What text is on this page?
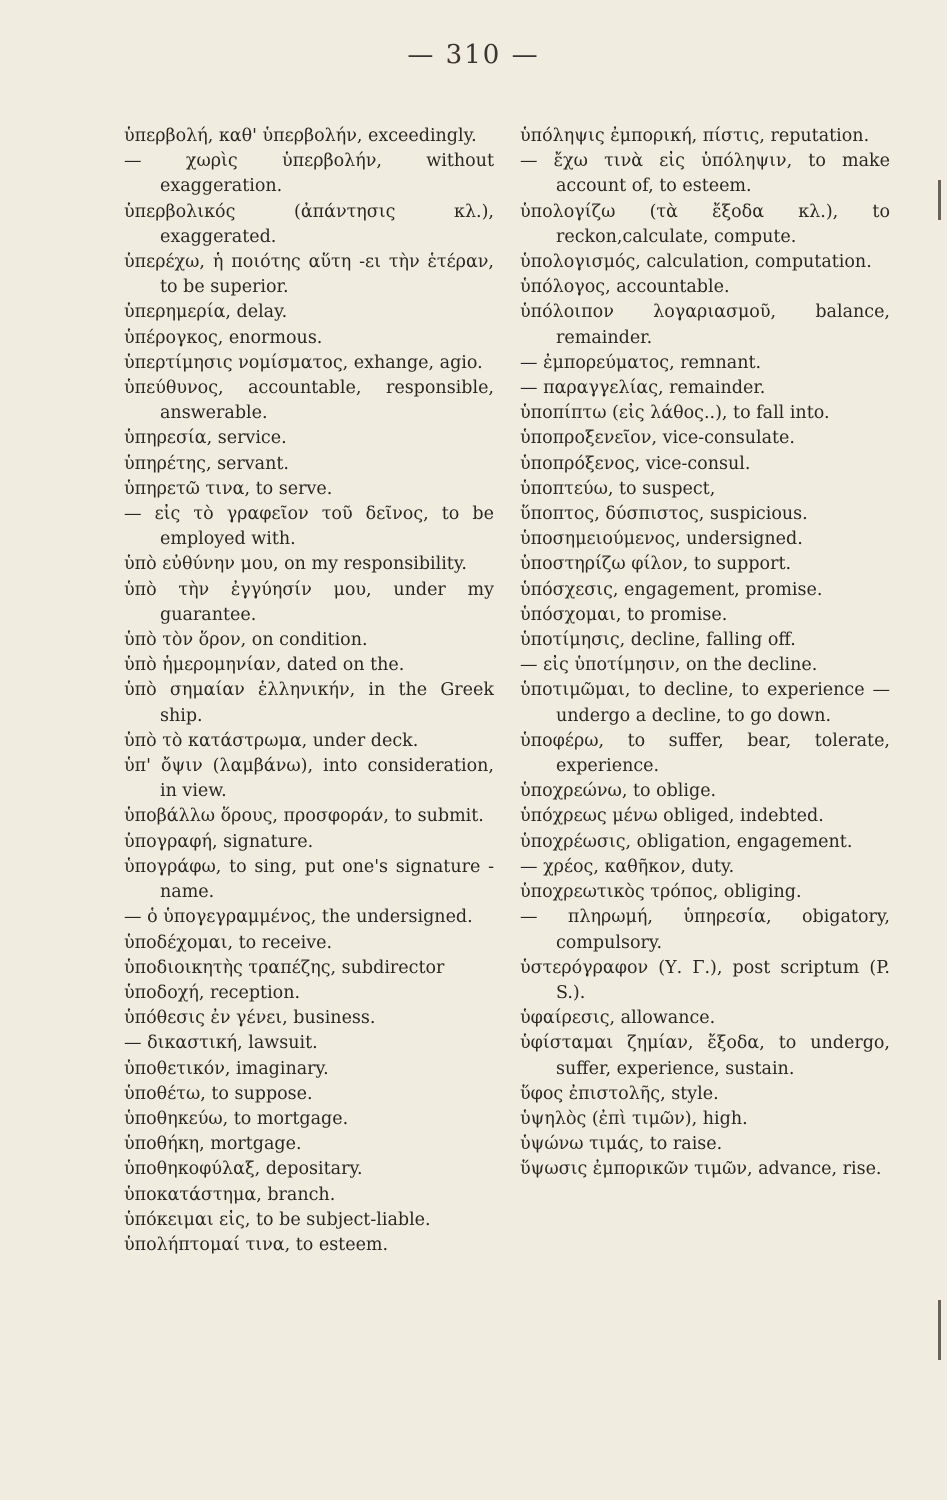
— 310 —
ὑπερβολή, καθ' ὑπερβολήν, exceedingly.
— χωρὶς ὑπερβολήν, without exaggeration.
ὑπερβολικός (ἀπάντησις κλ.), exaggerated.
ὑπερέχω, ἡ ποιότης αὕτη -ει τὴν ἑτέραν, to be superior.
ὑπερημερία, delay.
ὑπέρογκος, enormous.
ὑπερτίμησις νομίσματος, exhange, agio.
ὑπεύθυνος, accountable, responsible, answerable.
ὑπηρεσία, service.
ὑπηρέτης, servant.
ὑπηρετῶ τινα, to serve.
— εἰς τὸ γραφεῖον τοῦ δεῖνος, to be employed with.
ὑπὸ εὐθύνην μου, on my responsibility.
ὑπὸ τὴν ἐγγύησίν μου, under my guarantee.
ὑπὸ τὸν ὅρον, on condition.
ὑπὸ ἡμερομηνίαν, dated on the.
ὑπὸ σημαίαν ἑλληνικήν, in the Greek ship.
ὑπὸ τὸ κατάστρωμα, under deck.
ὑπ' ὄψιν (λαμβάνω), into consideration, in view.
ὑποβάλλω ὅρους, προσφοράν, to submit.
ὑπογραφή, signature.
ὑπογράφω, to sing, put one's signature -name.
— ὁ ὑπογεγραμμένος, the undersigned.
ὑποδέχομαι, to receive.
ὑποδιοικητὴς τραπέζης, subdirector
ὑποδοχή, reception.
ὑπόθεσις ἐν γένει, business.
— δικαστική, lawsuit.
ὑποθετικόν, imaginary.
ὑποθέτω, to suppose.
ὑποθηκεύω, to mortgage.
ὑποθήκη, mortgage.
ὑποθηκοφύλαξ, depositary.
ὑποκατάστημα, branch.
ὑπόκειμαι εἰς, to be subject-liable.
ὑπολήπτομαί τινα, to esteem.
ὑπόληψις ἐμπορική, πίστις, reputation.
— ἔχω τινὰ εἰς ὑπόληψιν, to make account of, to esteem.
ὑπολογίζω (τὰ ἔξοδα κλ.), to reckon,calculate, compute.
ὑπολογισμός, calculation, computation.
ὑπόλογος, accountable.
ὑπόλοιπον λογαριασμοῦ, balance, remainder.
— ἐμπορεύματος, remnant.
— παραγγελίας, remainder.
ὑποπίπτω (εἰς λάθος..), to fall into.
ὑποπροξενεῖον, vice-consulate.
ὑποπρόξενος, vice-consul.
ὑποπτεύω, to suspect,
ὕποπτος, δύσπιστος, suspicious.
ὑποσημειούμενος, undersigned.
ὑποστηρίζω φίλον, to support.
ὑπόσχεσις, engagement, promise.
ὑπόσχομαι, to promise.
ὑποτίμησις, decline, falling off.
— εἰς ὑποτίμησιν, on the decline.
ὑποτιμῶμαι, to decline, to experience — undergo a decline, to go down.
ὑποφέρω, to suffer, bear, tolerate, experience.
ὑποχρεώνω, to oblige.
ὑπόχρεως μένω obliged, indebted.
ὑποχρέωσις, obligation, engagement.
— χρέος, καθῆκον, duty.
ὑποχρεωτικὸς τρόπος, obliging.
— πληρωμή, ὑπηρεσία, obigatory, compulsory.
ὑστερόγραφον (Υ. Γ.), post scriptum (P. S.).
ὑφαίρεσις, allowance.
ὑφίσταμαι ζημίαν, ἔξοδα, to undergo, suffer, experience, sustain.
ὕφος ἐπιστολῆς, style.
ὑψηλὸς (ἐπὶ τιμῶν), high.
ὑψώνω τιμάς, to raise.
ὕψωσις ἐμπορικῶν τιμῶν, advance, rise.
